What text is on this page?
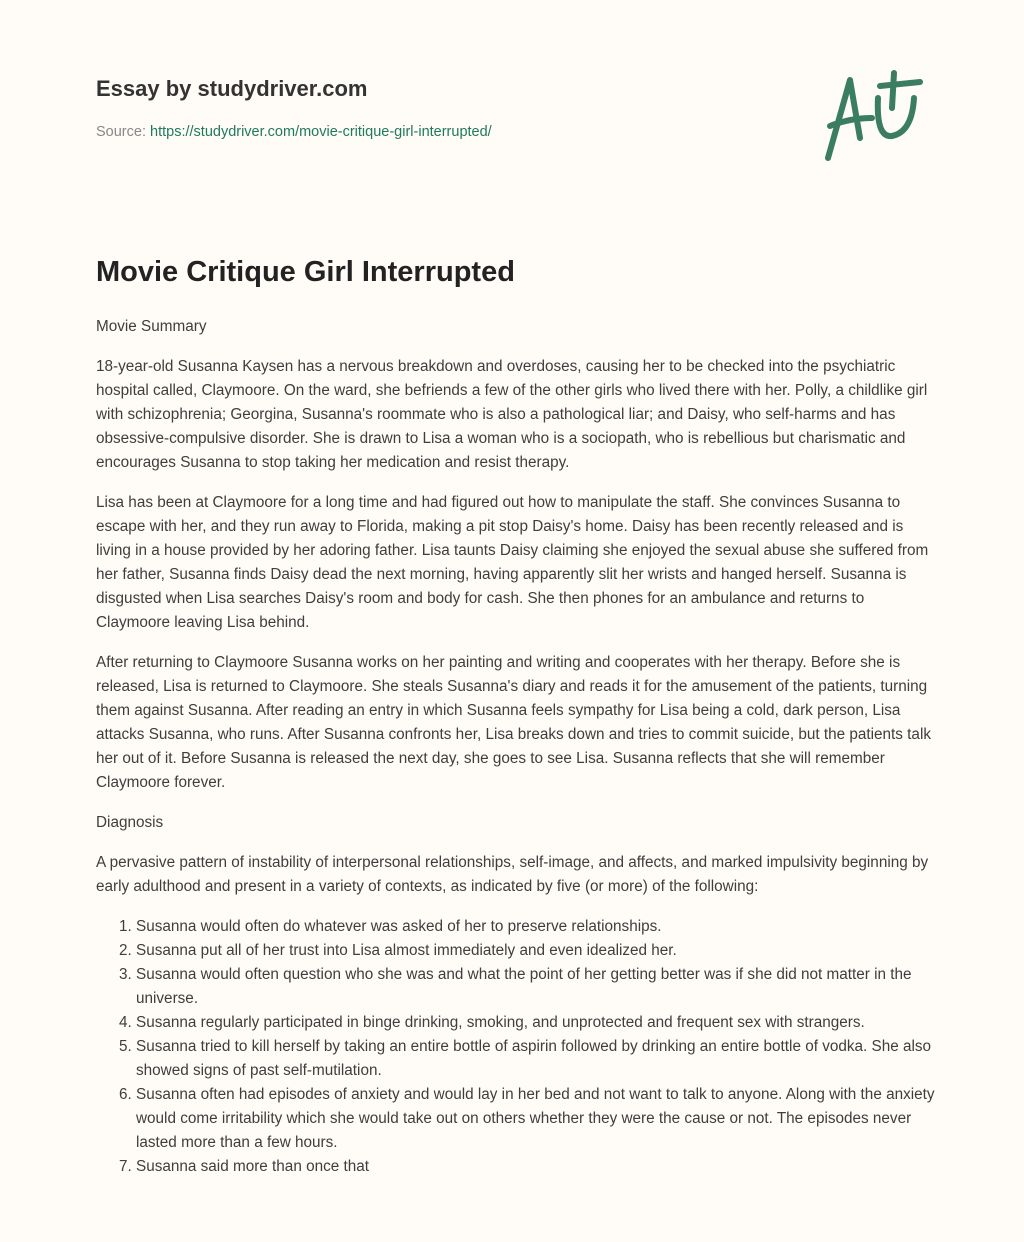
Essay by studydriver.com
Source: https://studydriver.com/movie-critique-girl-interrupted/
Movie Critique Girl Interrupted

Movie Summary

18-year-old Susanna Kaysen has a nervous breakdown and overdoses, causing her to be checked into the psychiatric hospital called, Claymoore. On the ward, she befriends a few of the other girls who lived there with her. Polly, a childlike girl with schizophrenia; Georgina, Susanna's roommate who is also a pathological liar; and Daisy, who self-harms and has obsessive-compulsive disorder. She is drawn to Lisa a woman who is a sociopath, who is rebellious but charismatic and encourages Susanna to stop taking her medication and resist therapy.

Lisa has been at Claymoore for a long time and had figured out how to manipulate the staff. She convinces Susanna to escape with her, and they run away to Florida, making a pit stop Daisy's home. Daisy has been recently released and is living in a house provided by her adoring father. Lisa taunts Daisy claiming she enjoyed the sexual abuse she suffered from her father, Susanna finds Daisy dead the next morning, having apparently slit her wrists and hanged herself. Susanna is disgusted when Lisa searches Daisy's room and body for cash. She then phones for an ambulance and returns to Claymoore leaving Lisa behind.

After returning to Claymoore Susanna works on her painting and writing and cooperates with her therapy. Before she is released, Lisa is returned to Claymoore. She steals Susanna's diary and reads it for the amusement of the patients, turning them against Susanna. After reading an entry in which Susanna feels sympathy for Lisa being a cold, dark person, Lisa attacks Susanna, who runs. After Susanna confronts her, Lisa breaks down and tries to commit suicide, but the patients talk her out of it. Before Susanna is released the next day, she goes to see Lisa. Susanna reflects that she will remember Claymoore forever.

Diagnosis

A pervasive pattern of instability of interpersonal relationships, self-image, and affects, and marked impulsivity beginning by early adulthood and present in a variety of contexts, as indicated by five (or more) of the following:

1. Susanna would often do whatever was asked of her to preserve relationships.
2. Susanna put all of her trust into Lisa almost immediately and even idealized her.
3. Susanna would often question who she was and what the point of her getting better was if she did not matter in the universe.
4. Susanna regularly participated in binge drinking, smoking, and unprotected and frequent sex with strangers.
5. Susanna tried to kill herself by taking an entire bottle of aspirin followed by drinking an entire bottle of vodka. She also showed signs of past self-mutilation.
6. Susanna often had episodes of anxiety and would lay in her bed and not want to talk to anyone. Along with the anxiety would come irritability which she would take out on others whether they were the cause or not. The episodes never lasted more than a few hours.
7. Susanna said more than once that
